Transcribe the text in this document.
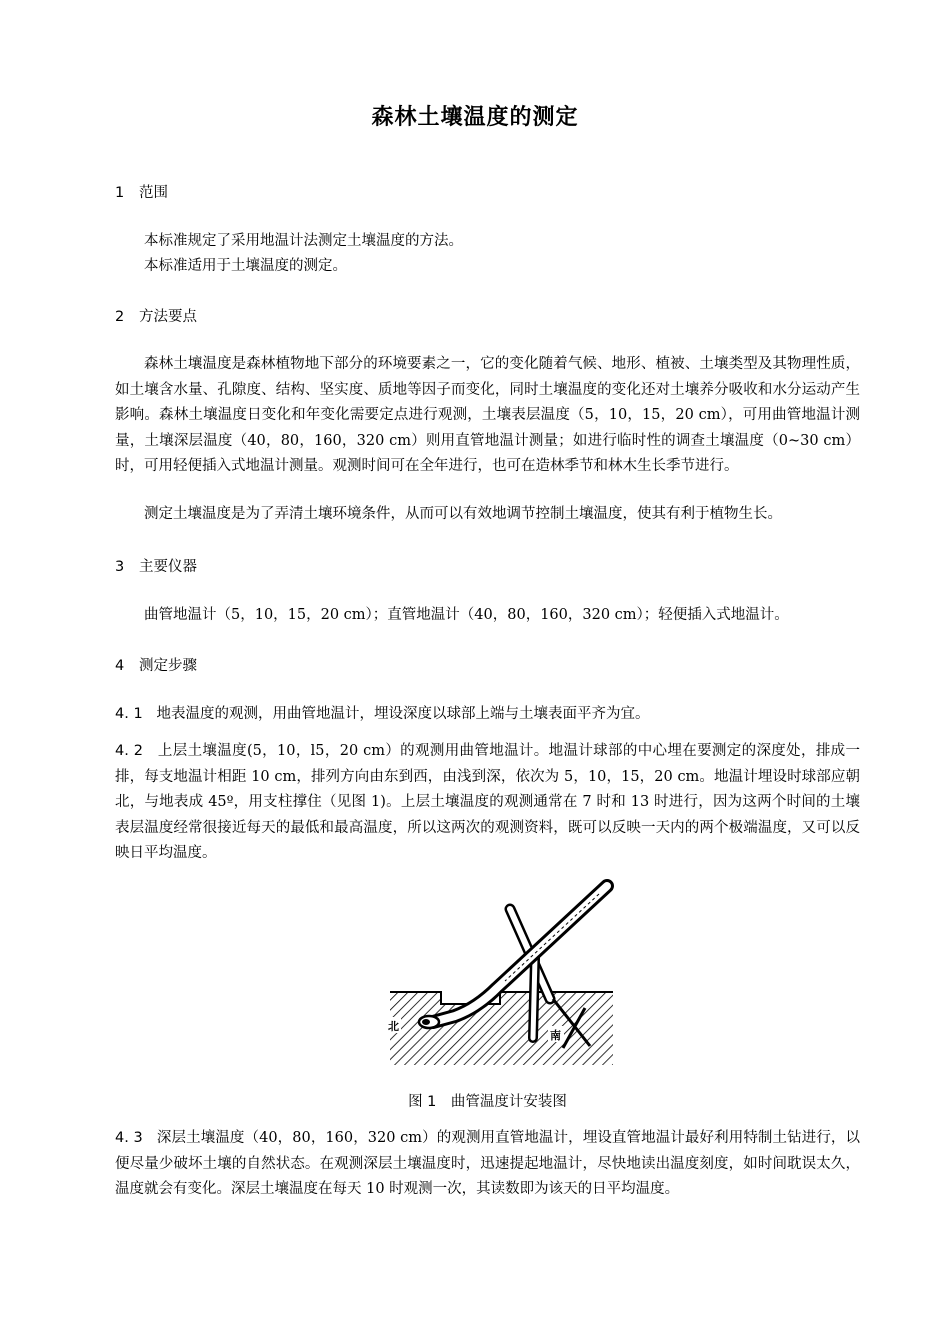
森林土壤温度的测定
1 范围
本标准规定了采用地温计法测定土壤温度的方法。
本标准适用于土壤温度的测定。
2 方法要点
森林土壤温度是森林植物地下部分的环境要素之一，它的变化随着气候、地形、植被、土壤类型及其物理性质，如土壤含水量、孔隙度、结构、坚实度、质地等因子而变化，同时土壤温度的变化还对土壤养分吸收和水分运动产生影响。森林土壤温度日变化和年变化需要定点进行观测，土壤表层温度（5，10，15，20 cm），可用曲管地温计测量，土壤深层温度（40，80，160，320 cm）则用直管地温计测量；如进行临时性的调查土壤温度（0~30 cm）时，可用轻便插入式地温计测量。观测时间可在全年进行，也可在造林季节和林木生长季节进行。
测定土壤温度是为了弄清土壤环境条件，从而可以有效地调节控制土壤温度，使其有利于植物生长。
3 主要仪器
曲管地温计（5，10，15，20 cm）；直管地温计（40，80，160，320 cm）；轻便插入式地温计。
4 测定步骤
4. 1 地表温度的观测，用曲管地温计，埋设深度以球部上端与土壤表面平齐为宜。
4. 2 上层土壤温度(5，10，l5，20 cm）的观测用曲管地温计。地温计球部的中心埋在要测定的深度处，排成一排，每支地温计相距 10 cm，排列方向由东到西，由浅到深，依次为 5，10，15，20 cm。地温计埋设时球部应朝北，与地表成 45º，用支柱撑住（见图 1)。上层土壤温度的观测通常在 7 时和 13 时进行，因为这两个时间的土壤表层温度经常很接近每天的最低和最高温度，所以这两次的观测资料，既可以反映一天内的两个极端温度，又可以反映日平均温度。
北
南
图 1　曲管温度计安装图
4. 3 深层土壤温度（40，80，160，320 cm）的观测用直管地温计，埋设直管地温计最好利用特制土钻进行，以便尽量少破坏土壤的自然状态。在观测深层土壤温度时，迅速提起地温计，尽快地读出温度刻度，如时间耽误太久，温度就会有变化。深层土壤温度在每天 10 时观测一次，其读数即为该天的日平均温度。
